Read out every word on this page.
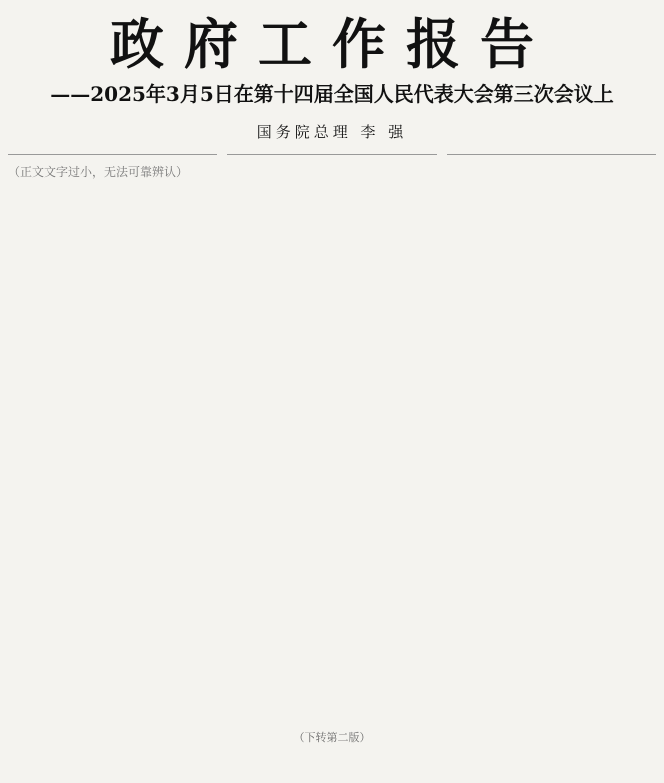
政府工作报告
——2025年3月5日在第十四届全国人民代表大会第三次会议上
国务院总理 李 强
（正文文字过小，无法可靠辨认）
（下转第二版）
